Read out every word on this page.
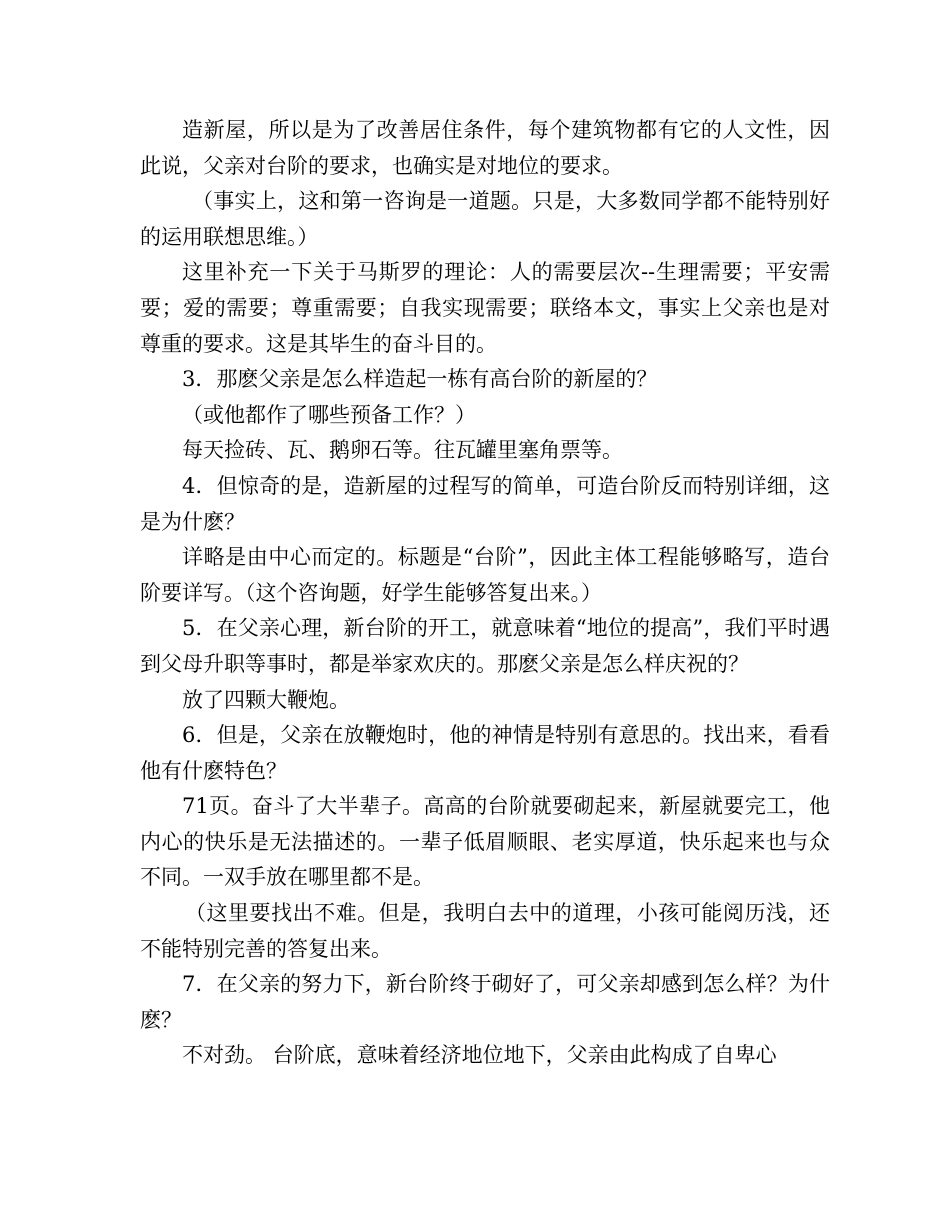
造新屋，所以是为了改善居住条件，每个建筑物都有它的人文性，因此说，父亲对台阶的要求，也确实是对地位的要求。

（事实上，这和第一咨询是一道题。只是，大多数同学都不能特别好的运用联想思维。）

这里补充一下关于马斯罗的理论：人的需要层次--生理需要；平安需要；爱的需要；尊重需要；自我实现需要；联络本文，事实上父亲也是对尊重的要求。这是其毕生的奋斗目的。

3．那麽父亲是怎么样造起一栋有高台阶的新屋的？

（或他都作了哪些预备工作？）

每天捡砖、瓦、鹅卵石等。往瓦罐里塞角票等。

4．但惊奇的是，造新屋的过程写的简单，可造台阶反而特别详细，这是为什麽？

详略是由中心而定的。标题是“台阶”，因此主体工程能够略写，造台阶要详写。（这个咨询题，好学生能够答复出来。）

5．在父亲心理，新台阶的开工，就意味着“地位的提高”，我们平时遇到父母升职等事时，都是举家欢庆的。那麽父亲是怎么样庆祝的？

放了四颗大鞭炮。

6．但是，父亲在放鞭炮时，他的神情是特别有意思的。找出来，看看他有什麽特色？

71页。奋斗了大半辈子。高高的台阶就要砌起来，新屋就要完工，他内心的快乐是无法描述的。一辈子低眉顺眼、老实厚道，快乐起来也与众不同。一双手放在哪里都不是。

（这里要找出不难。但是，我明白去中的道理，小孩可能阅历浅，还不能特别完善的答复出来。

7．在父亲的努力下，新台阶终于砌好了，可父亲却感到怎么样？为什麽？

不对劲。 台阶底，意味着经济地位地下，父亲由此构成了自卑心
